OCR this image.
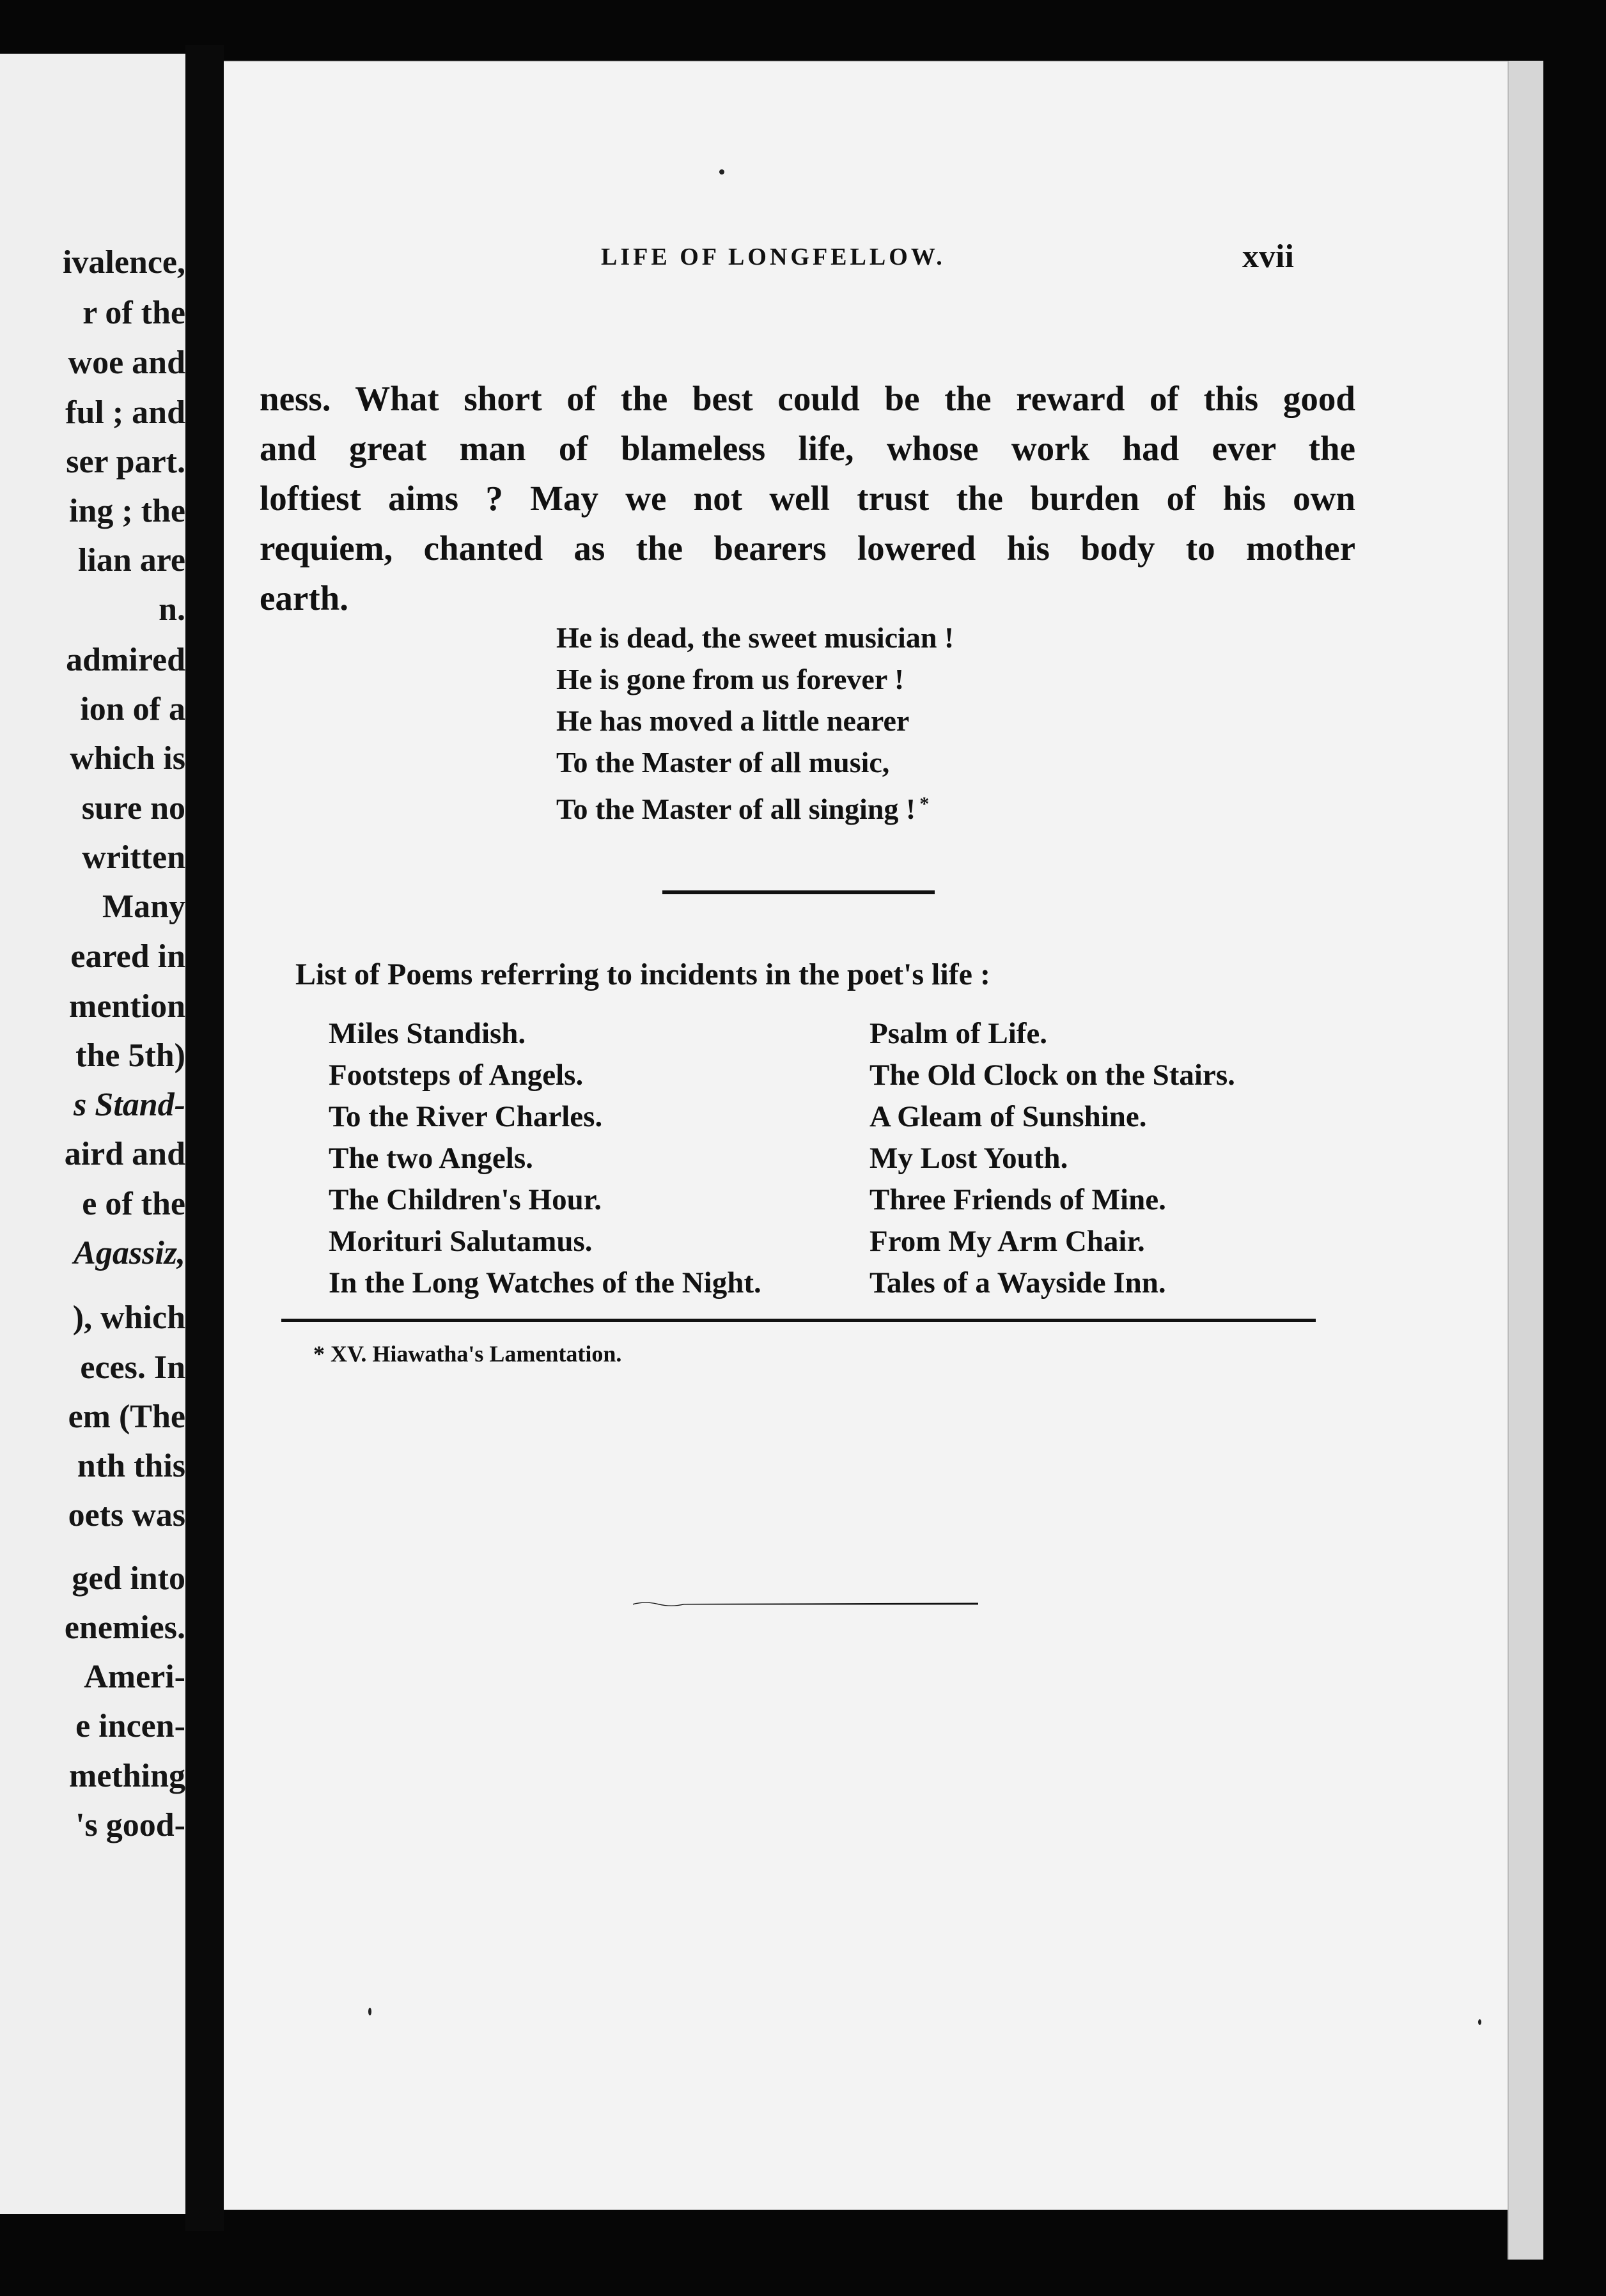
ivalence,
r of the
woe and
ful ; and
ser part.
ing ; the
lian are
n.
admired
ion of a
which is
sure no
written
Many
eared in
mention
the 5th)
s Stand-
aird and
e of the
Agassiz,
), which
eces. In
em (The
nth this
oets was
ged into
enemies.
Ameri-
e incen-
mething
's good-
LIFE OF LONGFELLOW.	xvii

ness. What short of the best could be the reward of this good

and great man of blameless life, whose work had ever the

loftiest aims ? May we not well trust the burden of his own

requiem, chanted as the bearers lowered his body to mother

earth.

He is dead, the sweet musician !

He is gone from us forever !

He has moved a little nearer

To the Master of all music,

To the Master of all singing ! *

List of Poems referring to incidents in the poet's life :

Miles Standish.

Footsteps of Angels.

To the River Charles.

The two Angels.

The Children's Hour.

Morituri Salutamus.

In the Long Watches of the Night.

Psalm of Life.

The Old Clock on the Stairs.

A Gleam of Sunshine.

My Lost Youth.

Three Friends of Mine.

From My Arm Chair.

Tales of a Wayside Inn.

* XV. Hiawatha's Lamentation.
